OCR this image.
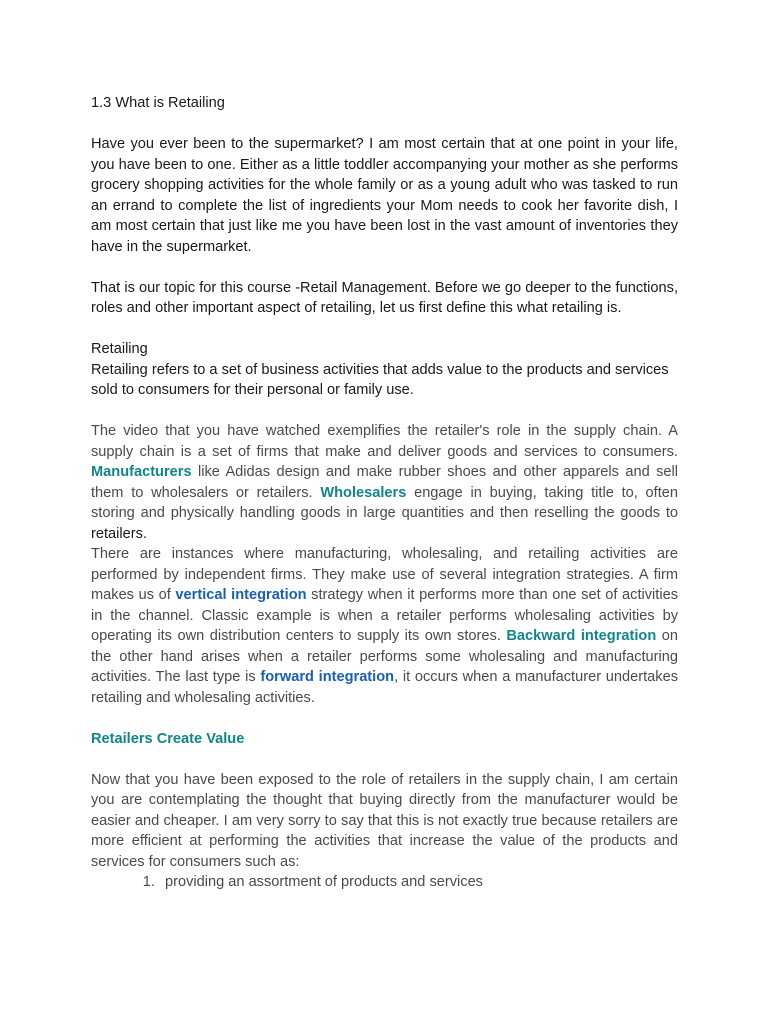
1.3 What is Retailing

Have you ever been to the supermarket? I am most certain that at one point in your life, you have been to one. Either as a little toddler accompanying your mother as she performs grocery shopping activities for the whole family or as a young adult who was tasked to run an errand to complete the list of ingredients your Mom needs to cook her favorite dish, I am most certain that just like me you have been lost in the vast amount of inventories they have in the supermarket.

That is our topic for this course -Retail Management. Before we go deeper to the functions, roles and other important aspect of retailing, let us first define this what retailing is.

Retailing

Retailing refers to a set of business activities that adds value to the products and services sold to consumers for their personal or family use.

The video that you have watched exemplifies the retailer's role in the supply chain. A supply chain is a set of firms that make and deliver goods and services to consumers. Manufacturers like Adidas design and make rubber shoes and other apparels and sell them to wholesalers or retailers. Wholesalers engage in buying, taking title to, often storing and physically handling goods in large quantities and then reselling the goods to retailers.

There are instances where manufacturing, wholesaling, and retailing activities are performed by independent firms. They make use of several integration strategies. A firm makes us of vertical integration strategy when it performs more than one set of activities in the channel. Classic example is when a retailer performs wholesaling activities by operating its own distribution centers to supply its own stores. Backward integration on the other hand arises when a retailer performs some wholesaling and manufacturing activities. The last type is forward integration, it occurs when a manufacturer undertakes retailing and wholesaling activities.

Retailers Create Value

Now that you have been exposed to the role of retailers in the supply chain, I am certain you are contemplating the thought that buying directly from the manufacturer would be easier and cheaper. I am very sorry to say that this is not exactly true because retailers are more efficient at performing the activities that increase the value of the products and services for consumers such as:

1. providing an assortment of products and services
